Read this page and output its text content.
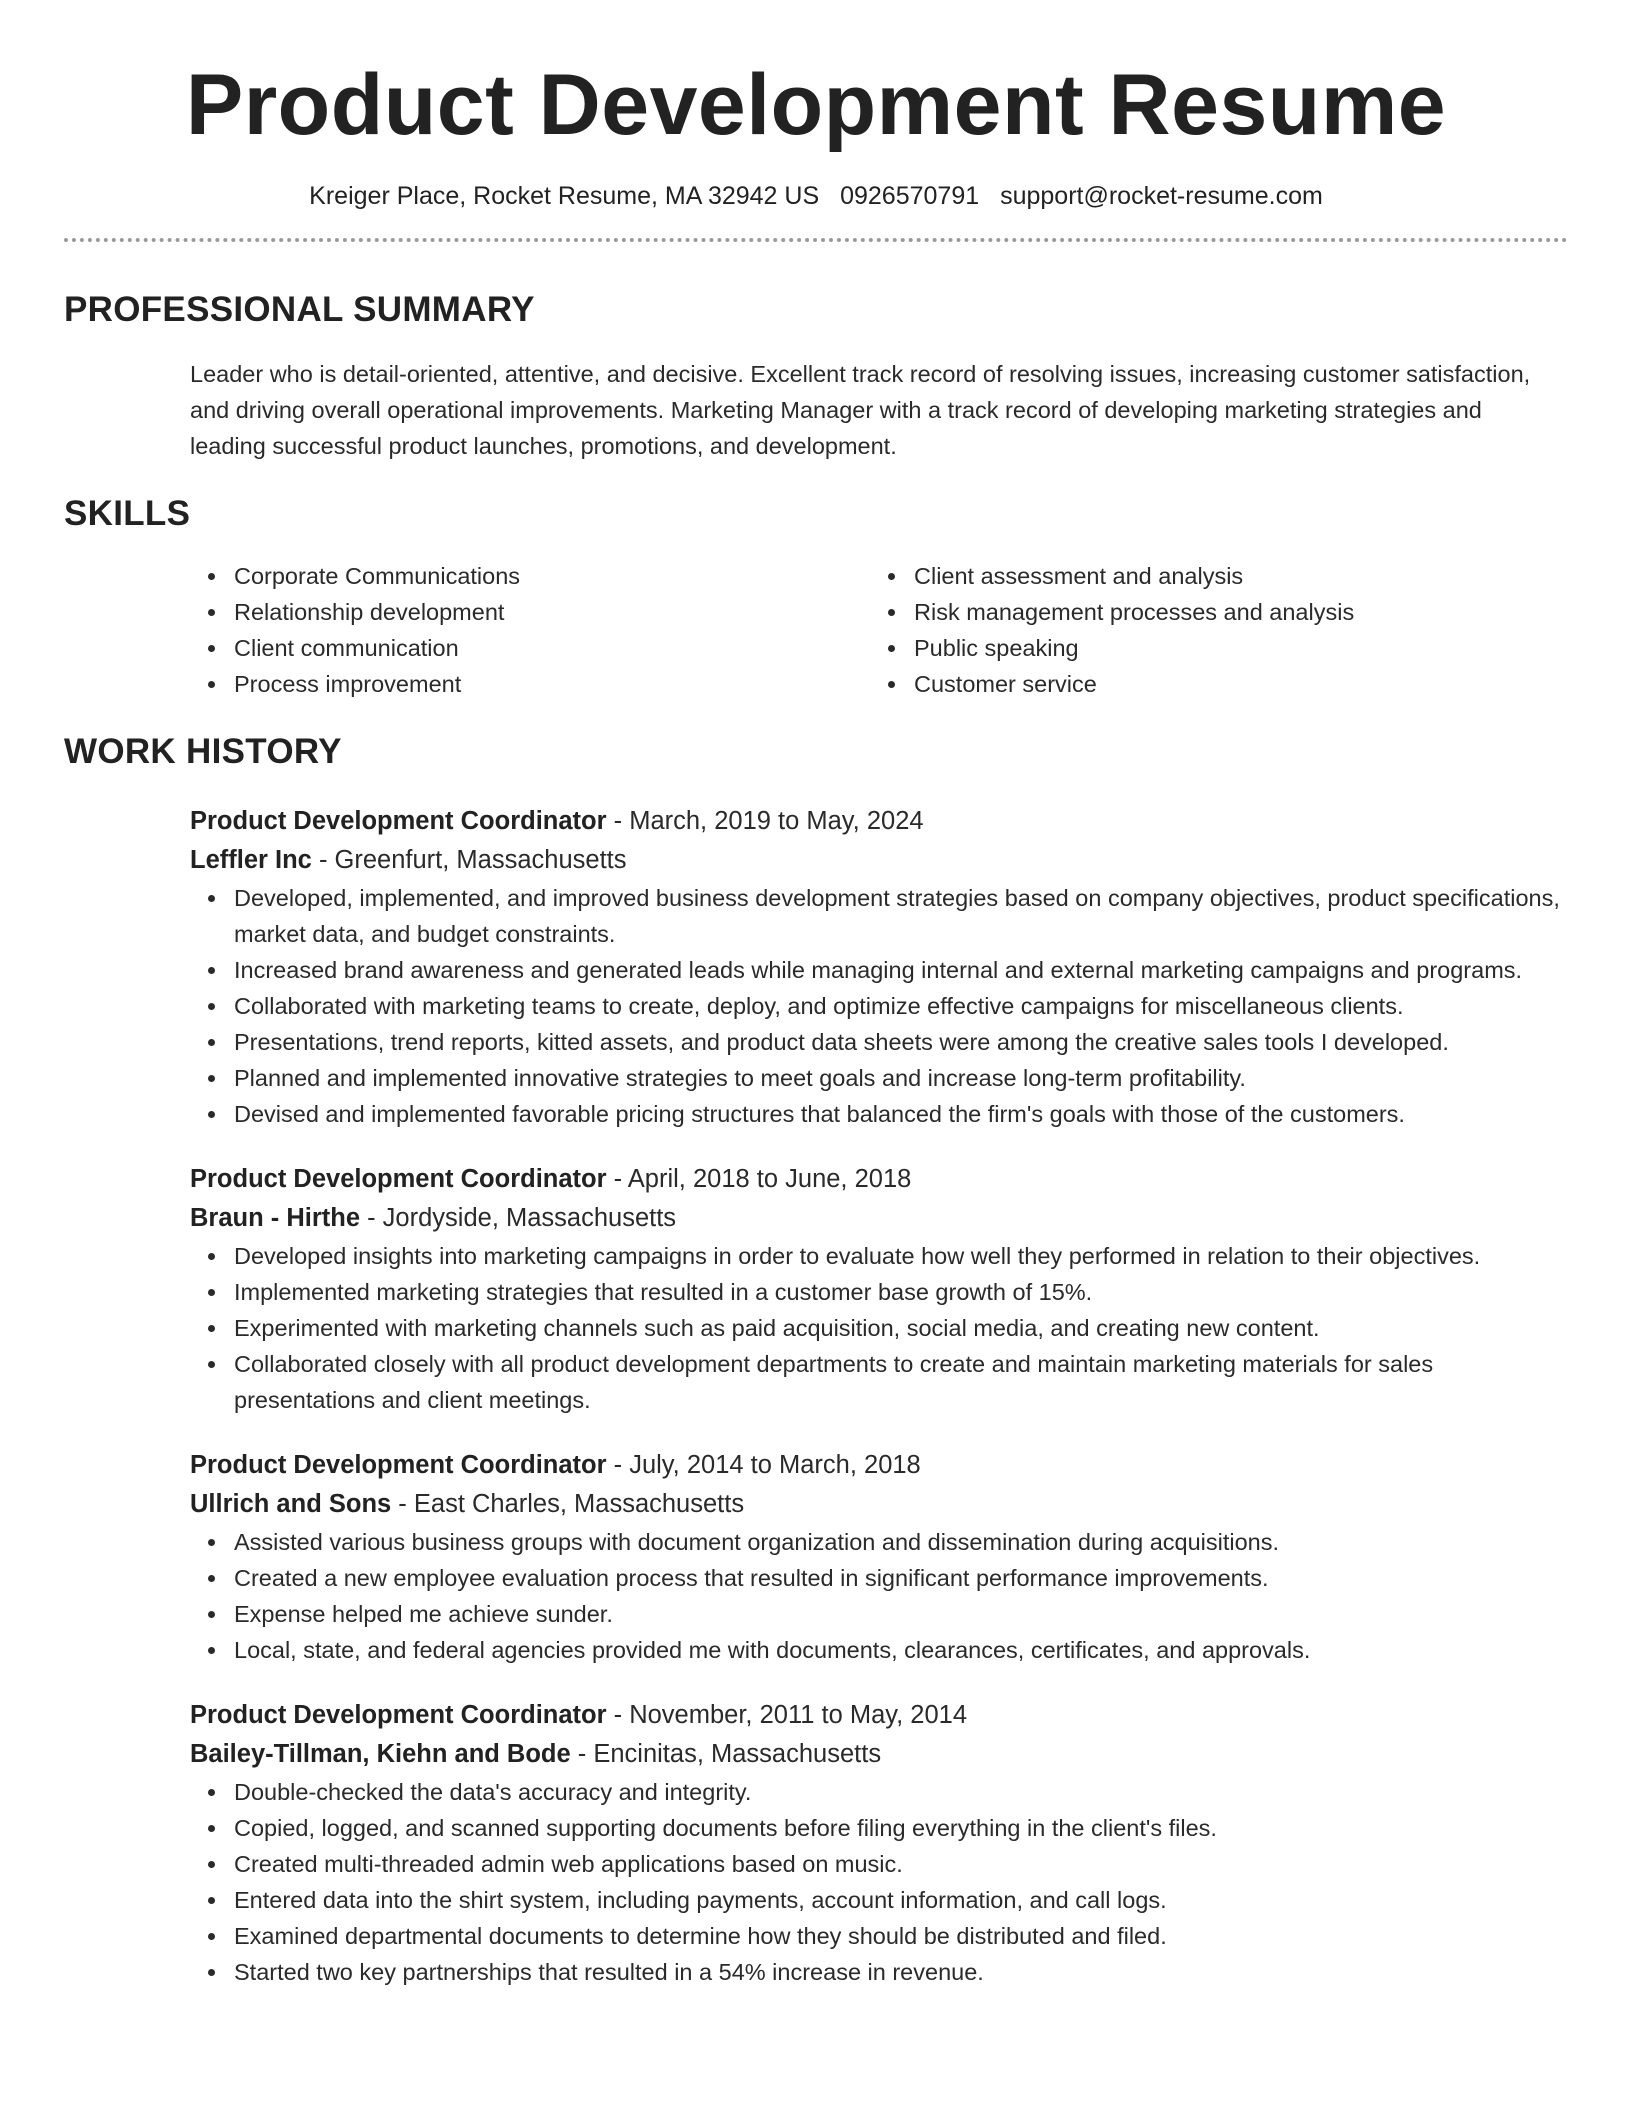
Product Development Resume
Kreiger Place, Rocket Resume, MA 32942 US 0926570791 support@rocket-resume.com
PROFESSIONAL SUMMARY

Leader who is detail-oriented, attentive, and decisive. Excellent track record of resolving issues, increasing customer satisfaction, and driving overall operational improvements. Marketing Manager with a track record of developing marketing strategies and leading successful product launches, promotions, and development.

SKILLS
Corporate Communications
Relationship development
Client communication
Process improvement
Client assessment and analysis
Risk management processes and analysis
Public speaking
Customer service
WORK HISTORY
Product Development Coordinator - March, 2019 to May, 2024
Leffler Inc - Greenfurt, Massachusetts
Developed, implemented, and improved business development strategies based on company objectives, product specifications, market data, and budget constraints.
Increased brand awareness and generated leads while managing internal and external marketing campaigns and programs.
Collaborated with marketing teams to create, deploy, and optimize effective campaigns for miscellaneous clients.
Presentations, trend reports, kitted assets, and product data sheets were among the creative sales tools I developed.
Planned and implemented innovative strategies to meet goals and increase long-term profitability.
Devised and implemented favorable pricing structures that balanced the firm's goals with those of the customers.
Product Development Coordinator - April, 2018 to June, 2018
Braun - Hirthe - Jordyside, Massachusetts
Developed insights into marketing campaigns in order to evaluate how well they performed in relation to their objectives.
Implemented marketing strategies that resulted in a customer base growth of 15%.
Experimented with marketing channels such as paid acquisition, social media, and creating new content.
Collaborated closely with all product development departments to create and maintain marketing materials for sales presentations and client meetings.
Product Development Coordinator - July, 2014 to March, 2018
Ullrich and Sons - East Charles, Massachusetts
Assisted various business groups with document organization and dissemination during acquisitions.
Created a new employee evaluation process that resulted in significant performance improvements.
Expense helped me achieve sunder.
Local, state, and federal agencies provided me with documents, clearances, certificates, and approvals.
Product Development Coordinator - November, 2011 to May, 2014
Bailey-Tillman, Kiehn and Bode - Encinitas, Massachusetts
Double-checked the data's accuracy and integrity.
Copied, logged, and scanned supporting documents before filing everything in the client's files.
Created multi-threaded admin web applications based on music.
Entered data into the shirt system, including payments, account information, and call logs.
Examined departmental documents to determine how they should be distributed and filed.
Started two key partnerships that resulted in a 54% increase in revenue.
